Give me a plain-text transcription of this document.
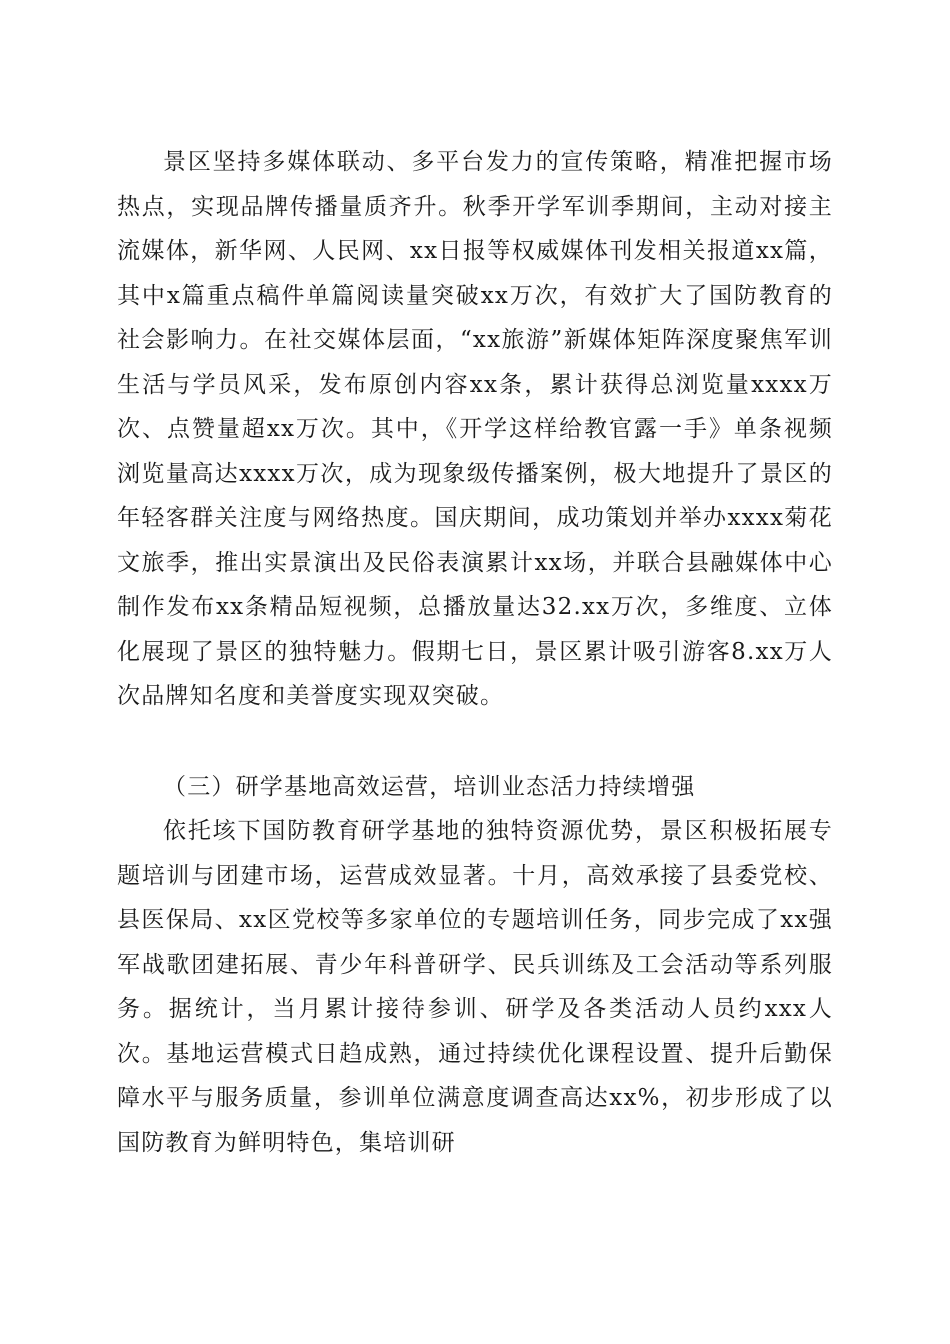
景区坚持多媒体联动、多平台发力的宣传策略，精准把握市场热点，实现品牌传播量质齐升。秋季开学军训季期间，主动对接主流媒体，新华网、人民网、xx日报等权威媒体刊发相关报道xx篇，其中x篇重点稿件单篇阅读量突破xx万次，有效扩大了国防教育的社会影响力。在社交媒体层面，“xx旅游”新媒体矩阵深度聚焦军训生活与学员风采，发布原创内容xx条，累计获得总浏览量xxxx万次、点赞量超xx万次。其中，《开学这样给教官露一手》单条视频浏览量高达xxxx万次，成为现象级传播案例，极大地提升了景区的年轻客群关注度与网络热度。国庆期间，成功策划并举办xxxx菊花文旅季，推出实景演出及民俗表演累计xx场，并联合县融媒体中心制作发布xx条精品短视频，总播放量达32.xx万次，多维度、立体化展现了景区的独特魅力。假期七日，景区累计吸引游客8.xx万人次品牌知名度和美誉度实现双突破。

（三）研学基地高效运营，培训业态活力持续增强

依托垓下国防教育研学基地的独特资源优势，景区积极拓展专题培训与团建市场，运营成效显著。十月，高效承接了县委党校、县医保局、xx区党校等多家单位的专题培训任务，同步完成了xx强军战歌团建拓展、青少年科普研学、民兵训练及工会活动等系列服务。据统计，当月累计接待参训、研学及各类活动人员约xxx人次。基地运营模式日趋成熟，通过持续优化课程设置、提升后勤保障水平与服务质量，参训单位满意度调查高达xx%，初步形成了以国防教育为鲜明特色，集培训研
